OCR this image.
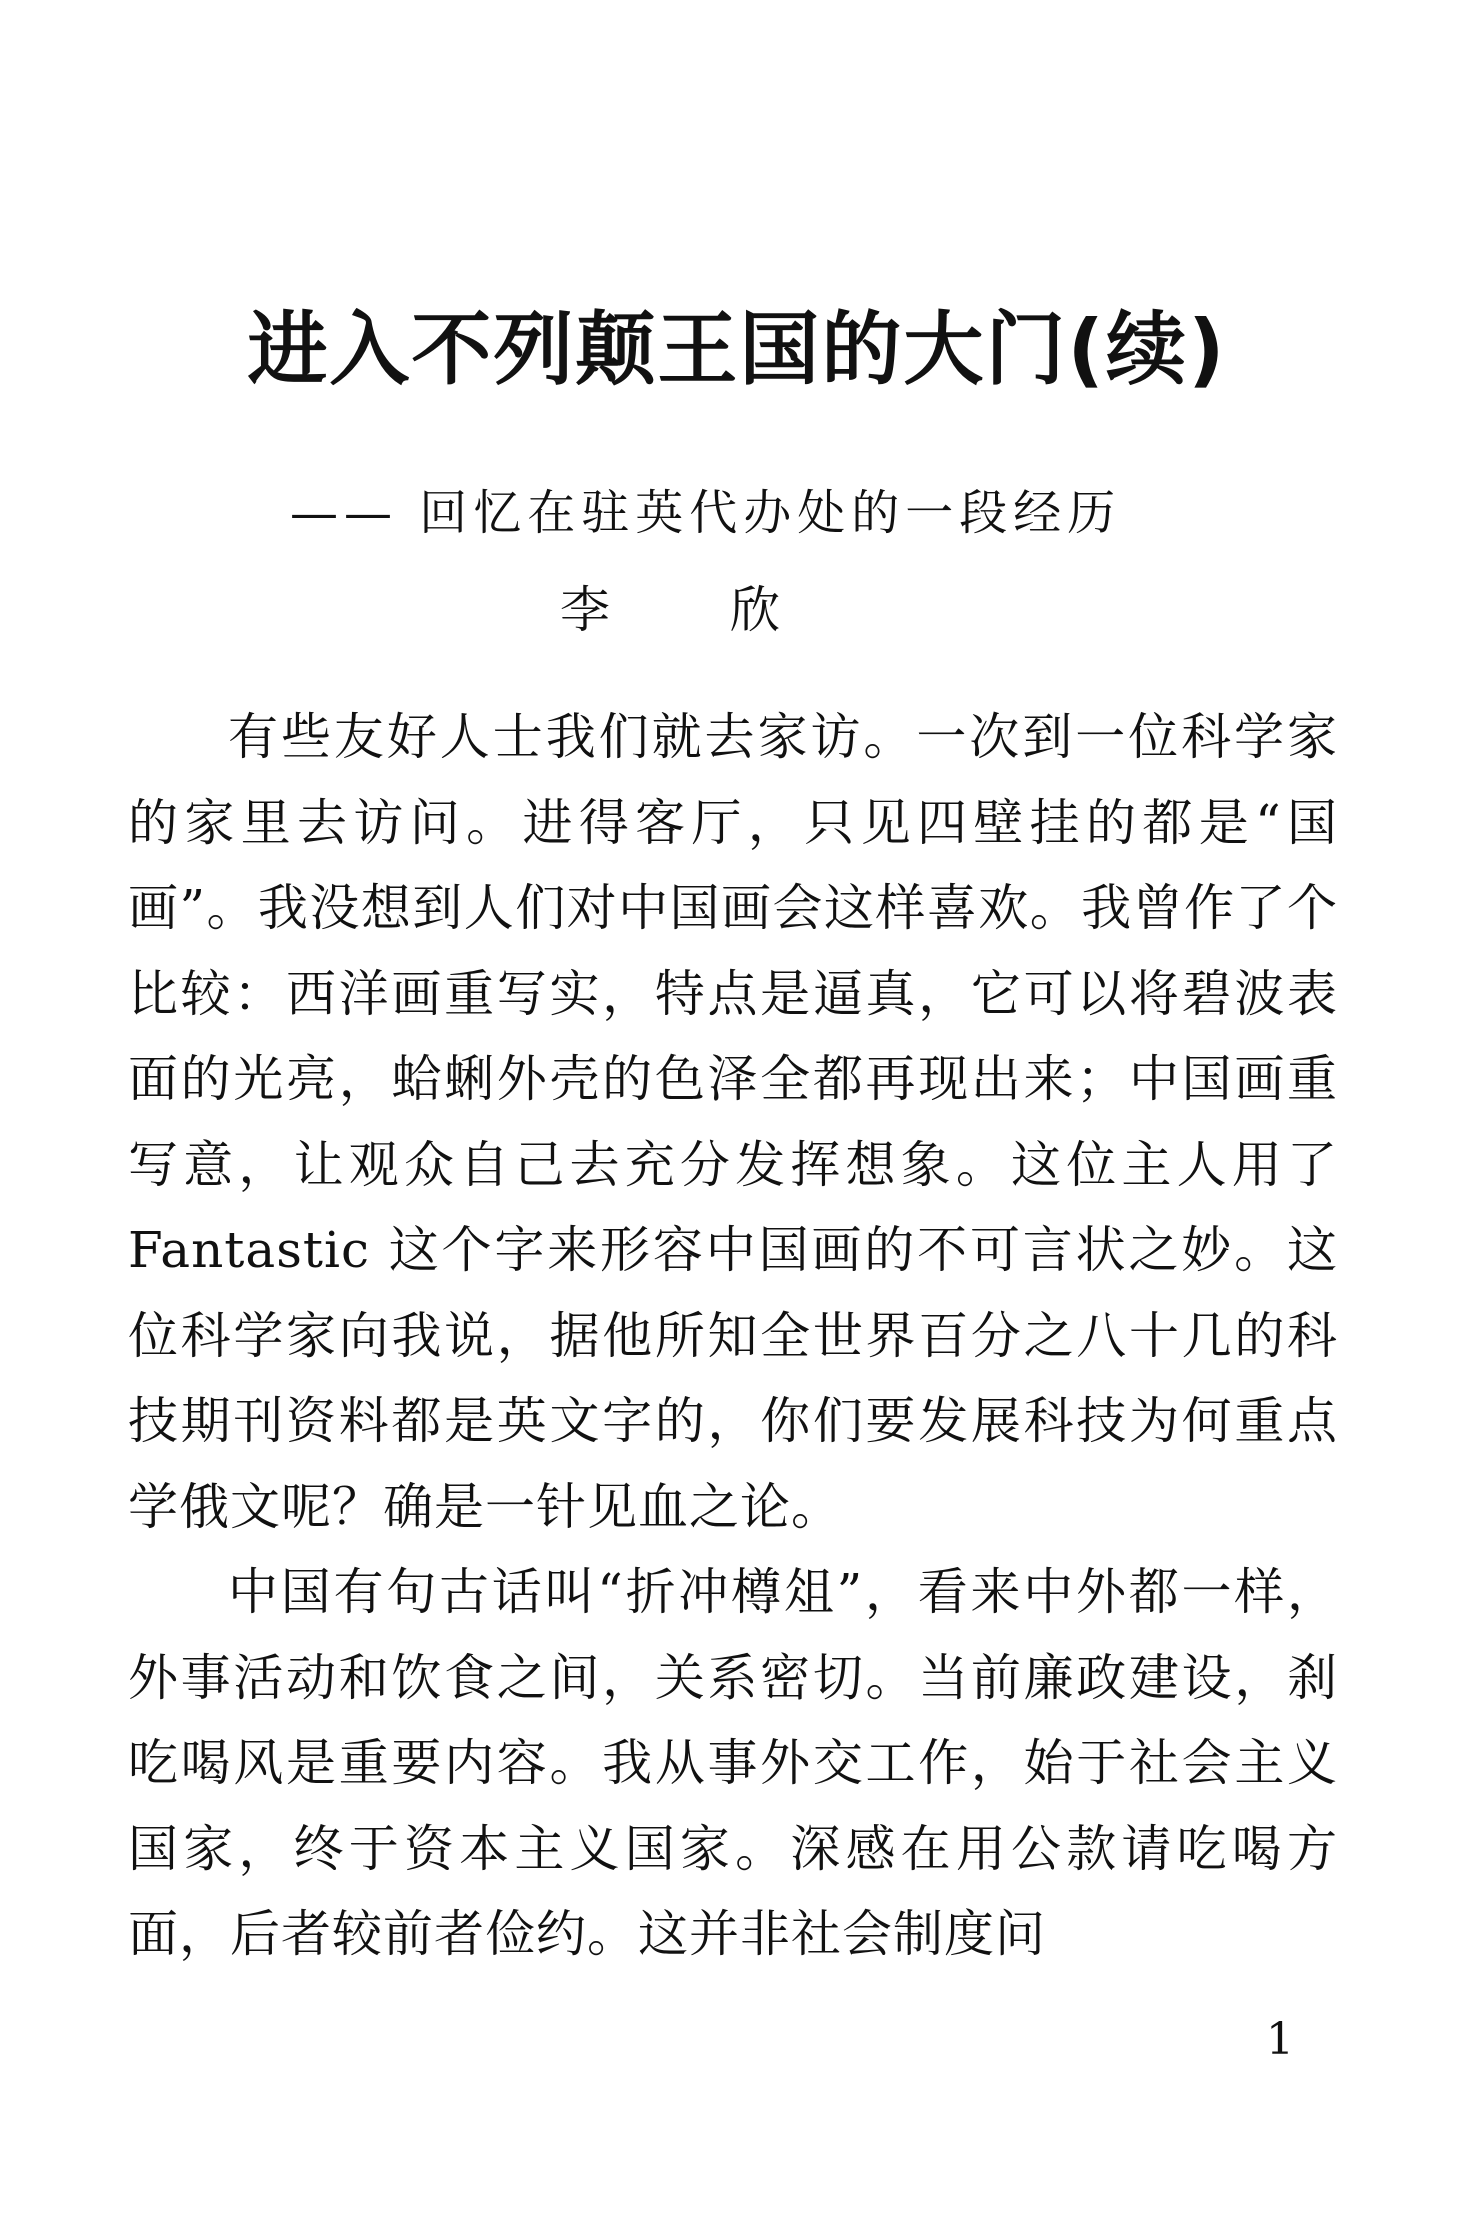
进入不列颠王国的大门(续)

—— 回忆在驻英代办处的一段经历

李 欣

有些友好人士我们就去家访。一次到一位科学家的家里去访问。进得客厅，只见四壁挂的都是“国画”。我没想到人们对中国画会这样喜欢。我曾作了个比较：西洋画重写实，特点是逼真，它可以将碧波表面的光亮，蛤蜊外壳的色泽全都再现出来；中国画重写意，让观众自己去充分发挥想象。这位主人用了Fantastic 这个字来形容中国画的不可言状之妙。这位科学家向我说，据他所知全世界百分之八十几的科技期刊资料都是英文字的，你们要发展科技为何重点学俄文呢？确是一针见血之论。

中国有句古话叫“折冲樽俎”，看来中外都一样，外事活动和饮食之间，关系密切。当前廉政建设，刹吃喝风是重要内容。我从事外交工作，始于社会主义国家，终于资本主义国家。深感在用公款请吃喝方面，后者较前者俭约。这并非社会制度问

1
